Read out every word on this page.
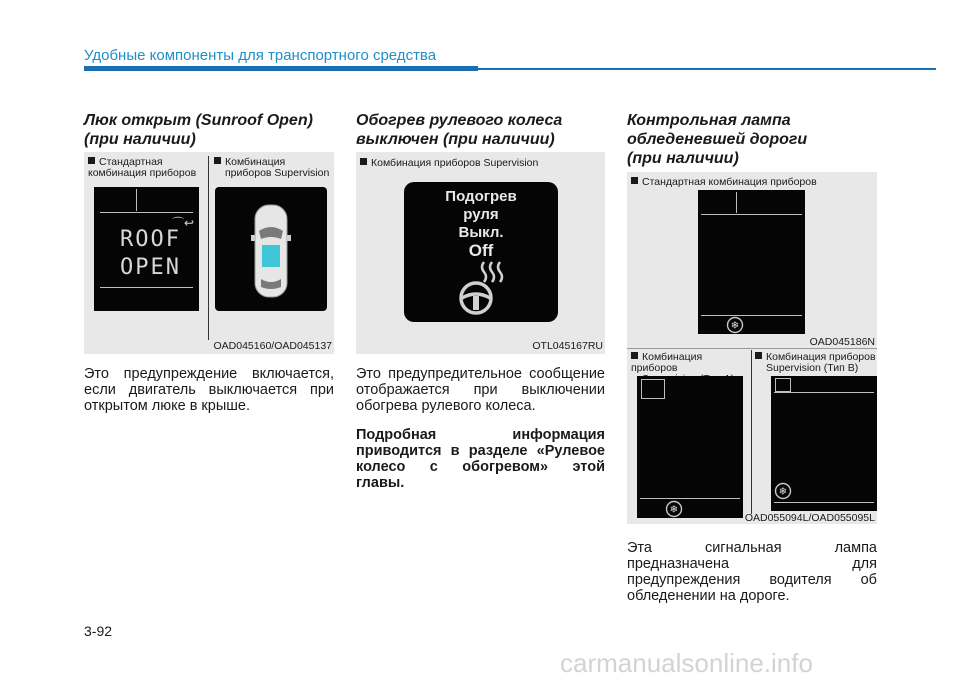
Удобные компоненты для транспортного средства
Люк открыт (Sunroof Open)
(при наличии)
Стандартная
комбинация приборов
Комбинация
приборов Supervision
⌒↩
ROOF
OPEN
OAD045160/OAD045137
Это предупреждение включается,
если двигатель выключается при
открытом люке в крыше.
Обогрев рулевого колеса
выключен (при наличии)
Комбинация приборов Supervision
Подогрев
руля
Выкл.
Off
OTL045167RU
Это предупредительное сообщение
отображается при выключении
обогрева рулевого колеса.
Подробная информация
приводится в разделе «Рулевое
колесо с обогревом» этой
главы.
Контрольная лампа
обледеневшей дороги
(при наличии)
Стандартная комбинация приборов
❄
OAD045186N
Комбинация приборов

Комбинация приборов
Supervision (Тип B)
❄
❄
OAD055094L/OAD055095L
Эта сигнальная лампа
предназначена для
предупреждения водителя об
обледенении на дороге.
3-92
carmanualsonline.info
